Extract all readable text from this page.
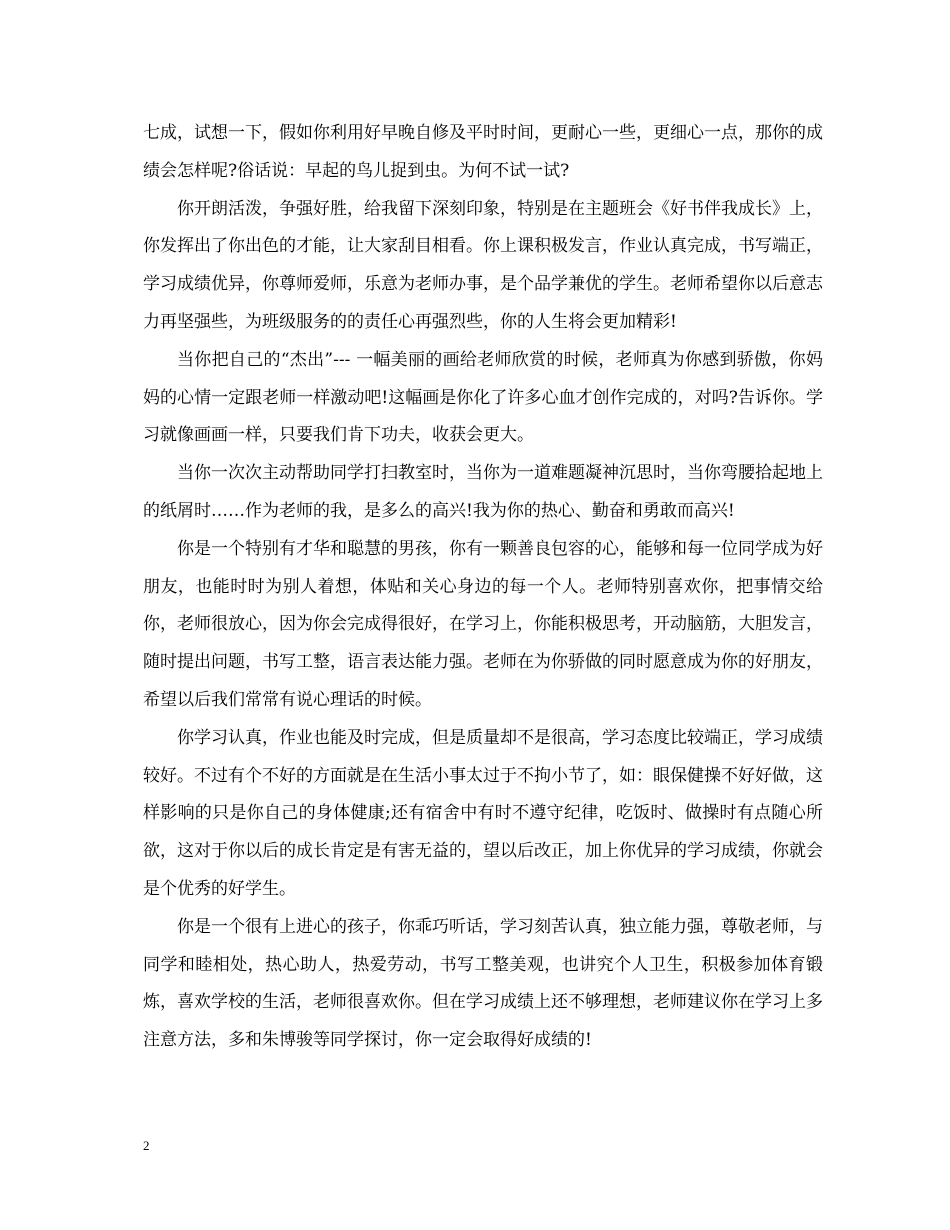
七成，试想一下，假如你利用好早晚自修及平时时间，更耐心一些，更细心一点，那你的成绩会怎样呢?俗话说：早起的鸟儿捉到虫。为何不试一试?

你开朗活泼，争强好胜，给我留下深刻印象，特别是在主题班会《好书伴我成长》上，你发挥出了你出色的才能，让大家刮目相看。你上课积极发言，作业认真完成，书写端正，学习成绩优异，你尊师爱师，乐意为老师办事，是个品学兼优的学生。老师希望你以后意志力再坚强些，为班级服务的的责任心再强烈些，你的人生将会更加精彩!

当你把自己的“杰出”--- 一幅美丽的画给老师欣赏的时候，老师真为你感到骄傲，你妈妈的心情一定跟老师一样激动吧!这幅画是你化了许多心血才创作完成的，对吗?告诉你。学习就像画画一样，只要我们肯下功夫，收获会更大。

当你一次次主动帮助同学打扫教室时，当你为一道难题凝神沉思时，当你弯腰拾起地上的纸屑时……作为老师的我，是多么的高兴!我为你的热心、勤奋和勇敢而高兴!

你是一个特别有才华和聪慧的男孩，你有一颗善良包容的心，能够和每一位同学成为好朋友，也能时时为别人着想，体贴和关心身边的每一个人。老师特别喜欢你，把事情交给你，老师很放心，因为你会完成得很好，在学习上，你能积极思考，开动脑筋，大胆发言，随时提出问题，书写工整，语言表达能力强。老师在为你骄做的同时愿意成为你的好朋友，希望以后我们常常有说心理话的时候。

你学习认真，作业也能及时完成，但是质量却不是很高，学习态度比较端正，学习成绩较好。不过有个不好的方面就是在生活小事太过于不拘小节了，如：眼保健操不好好做，这样影响的只是你自己的身体健康;还有宿舍中有时不遵守纪律，吃饭时、做操时有点随心所欲，这对于你以后的成长肯定是有害无益的，望以后改正，加上你优异的学习成绩，你就会是个优秀的好学生。

你是一个很有上进心的孩子，你乖巧听话，学习刻苦认真，独立能力强，尊敬老师，与同学和睦相处，热心助人，热爱劳动，书写工整美观，也讲究个人卫生，积极参加体育锻炼，喜欢学校的生活，老师很喜欢你。但在学习成绩上还不够理想，老师建议你在学习上多注意方法，多和朱博骏等同学探讨，你一定会取得好成绩的!

2
